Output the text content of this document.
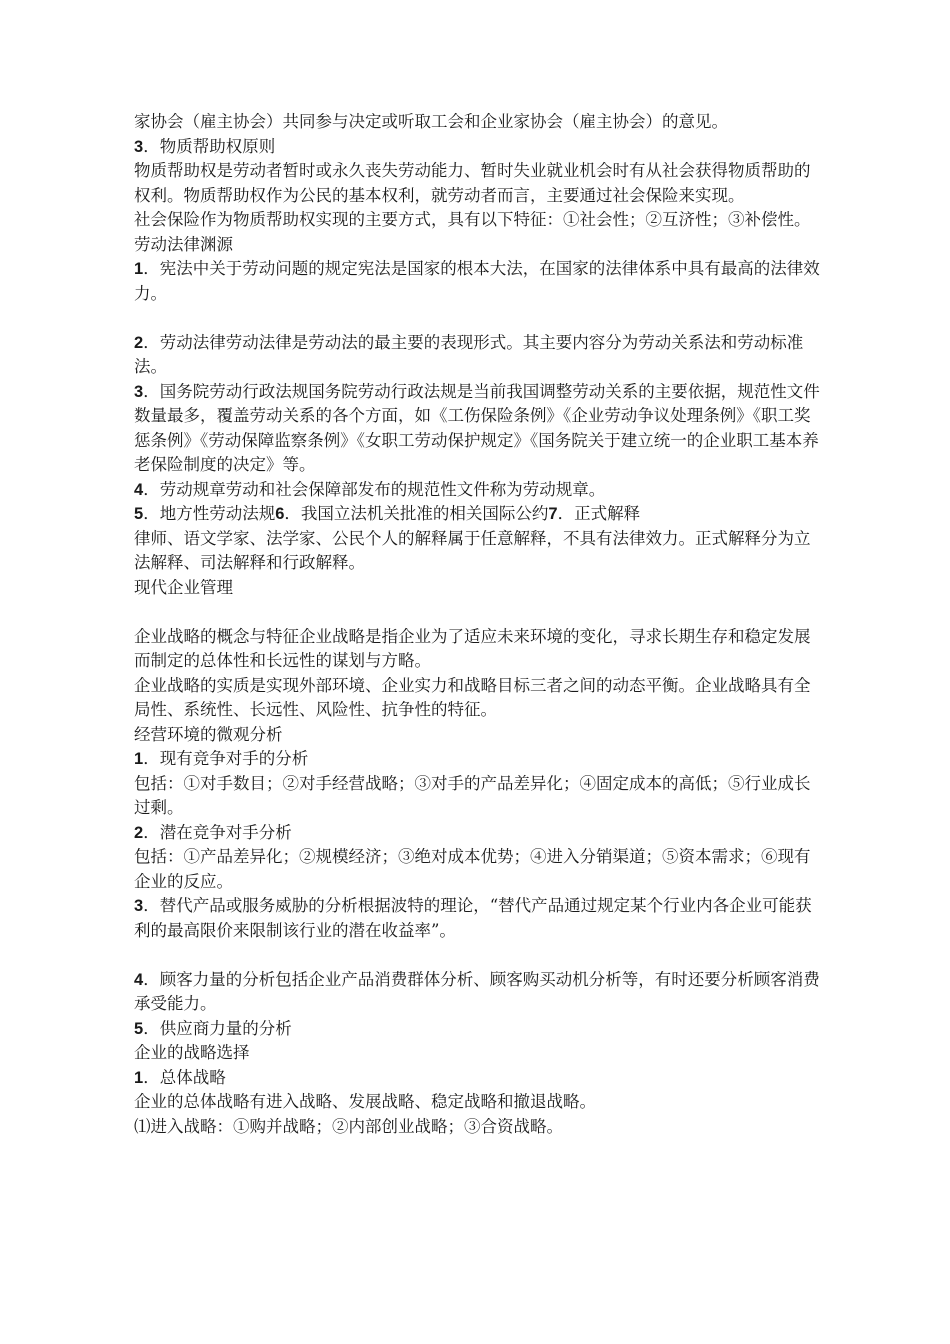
家协会（雇主协会）共同参与决定或听取工会和企业家协会（雇主协会）的意见。

3．物质帮助权原则

物质帮助权是劳动者暂时或永久丧失劳动能力、暂时失业就业机会时有从社会获得物质帮助的权利。物质帮助权作为公民的基本权利，就劳动者而言，主要通过社会保险来实现。

社会保险作为物质帮助权实现的主要方式，具有以下特征：①社会性；②互济性；③补偿性。

劳动法律渊源

1．宪法中关于劳动问题的规定宪法是国家的根本大法，在国家的法律体系中具有最高的法律效力。

2．劳动法律劳动法律是劳动法的最主要的表现形式。其主要内容分为劳动关系法和劳动标准法。

3．国务院劳动行政法规国务院劳动行政法规是当前我国调整劳动关系的主要依据，规范性文件数量最多，覆盖劳动关系的各个方面，如《工伤保险条例》《企业劳动争议处理条例》《职工奖惩条例》《劳动保障监察条例》《女职工劳动保护规定》《国务院关于建立统一的企业职工基本养老保险制度的决定》等。

4．劳动规章劳动和社会保障部发布的规范性文件称为劳动规章。

5．地方性劳动法规6．我国立法机关批准的相关国际公约7．正式解释

律师、语文学家、法学家、公民个人的解释属于任意解释，不具有法律效力。正式解释分为立法解释、司法解释和行政解释。

现代企业管理

企业战略的概念与特征企业战略是指企业为了适应未来环境的变化，寻求长期生存和稳定发展而制定的总体性和长远性的谋划与方略。

企业战略的实质是实现外部环境、企业实力和战略目标三者之间的动态平衡。企业战略具有全局性、系统性、长远性、风险性、抗争性的特征。

经营环境的微观分析

1．现有竞争对手的分析

包括：①对手数目；②对手经营战略；③对手的产品差异化；④固定成本的高低；⑤行业成长过剩。

2．潜在竞争对手分析

包括：①产品差异化；②规模经济；③绝对成本优势；④进入分销渠道；⑤资本需求；⑥现有企业的反应。

3．替代产品或服务威胁的分析根据波特的理论，“替代产品通过规定某个行业内各企业可能获利的最高限价来限制该行业的潜在收益率”。

4．顾客力量的分析包括企业产品消费群体分析、顾客购买动机分析等，有时还要分析顾客消费承受能力。

5．供应商力量的分析

企业的战略选择

1．总体战略

企业的总体战略有进入战略、发展战略、稳定战略和撤退战略。

⑴进入战略：①购并战略；②内部创业战略；③合资战略。
